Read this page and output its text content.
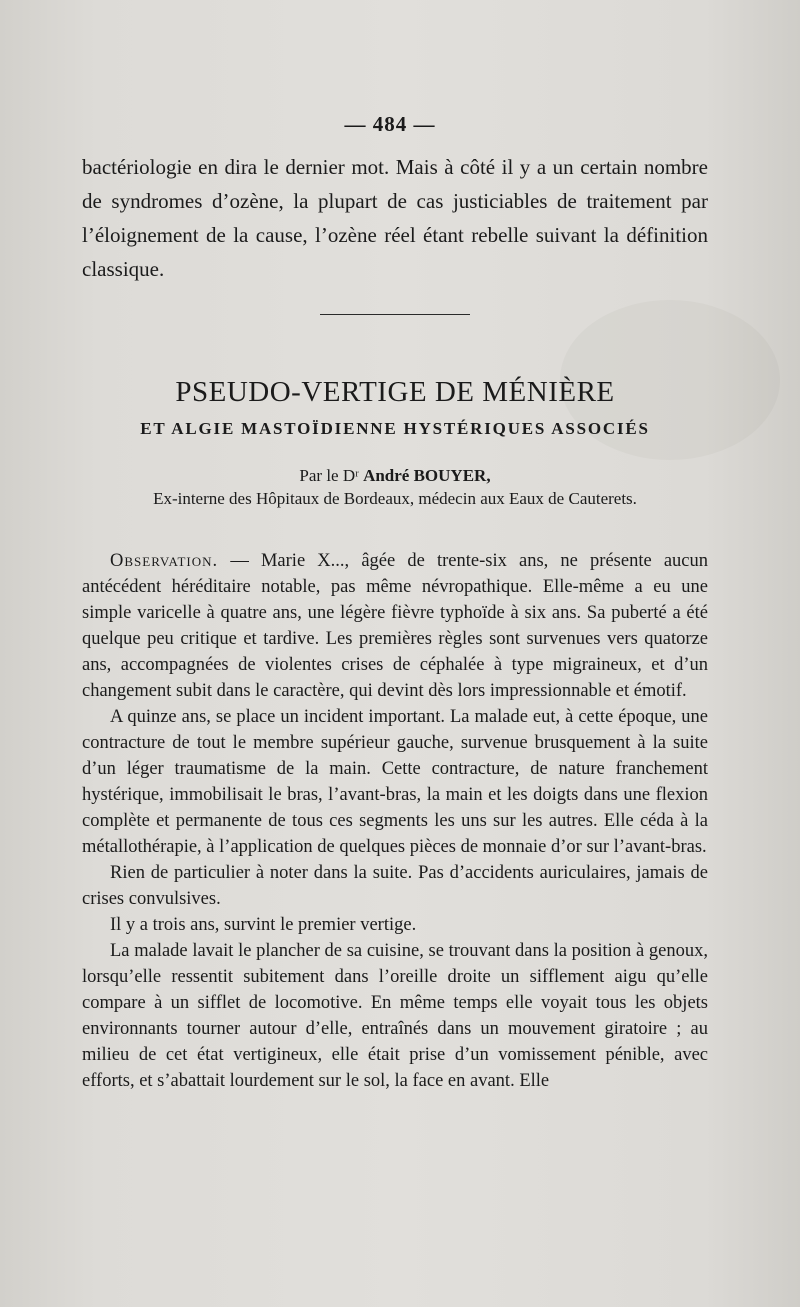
— 484 —

bactériologie en dira le dernier mot. Mais à côté il y a un certain nombre de syndromes d’ozène, la plupart de cas justiciables de traitement par l’éloignement de la cause, l’ozène réel étant rebelle suivant la définition classique.

PSEUDO-VERTIGE DE MÉNIÈRE
ET ALGIE MASTOÏDIENNE HYSTÉRIQUES ASSOCIÉS
Par le Dʳ André BOUYER,
Ex-interne des Hôpitaux de Bordeaux, médecin aux Eaux de Cauterets.

Observation. — Marie X..., âgée de trente-six ans, ne présente aucun antécédent héréditaire notable, pas même névropathique. Elle-même a eu une simple varicelle à quatre ans, une légère fièvre typhoïde à six ans. Sa puberté a été quelque peu critique et tardive. Les premières règles sont survenues vers quatorze ans, accompagnées de violentes crises de céphalée à type migraineux, et d’un changement subit dans le caractère, qui devint dès lors impressionnable et émotif.

A quinze ans, se place un incident important. La malade eut, à cette époque, une contracture de tout le membre supérieur gauche, survenue brusquement à la suite d’un léger traumatisme de la main. Cette contracture, de nature franchement hystérique, immobilisait le bras, l’avant-bras, la main et les doigts dans une flexion complète et permanente de tous ces segments les uns sur les autres. Elle céda à la métallothérapie, à l’application de quelques pièces de monnaie d’or sur l’avant-bras.

Rien de particulier à noter dans la suite. Pas d’accidents auriculaires, jamais de crises convulsives.

Il y a trois ans, survint le premier vertige.

La malade lavait le plancher de sa cuisine, se trouvant dans la position à genoux, lorsqu’elle ressentit subitement dans l’oreille droite un sifflement aigu qu’elle compare à un sifflet de locomotive. En même temps elle voyait tous les objets environnants tourner autour d’elle, entraînés dans un mouvement giratoire ; au milieu de cet état vertigineux, elle était prise d’un vomissement pénible, avec efforts, et s’abattait lourdement sur le sol, la face en avant. Elle
